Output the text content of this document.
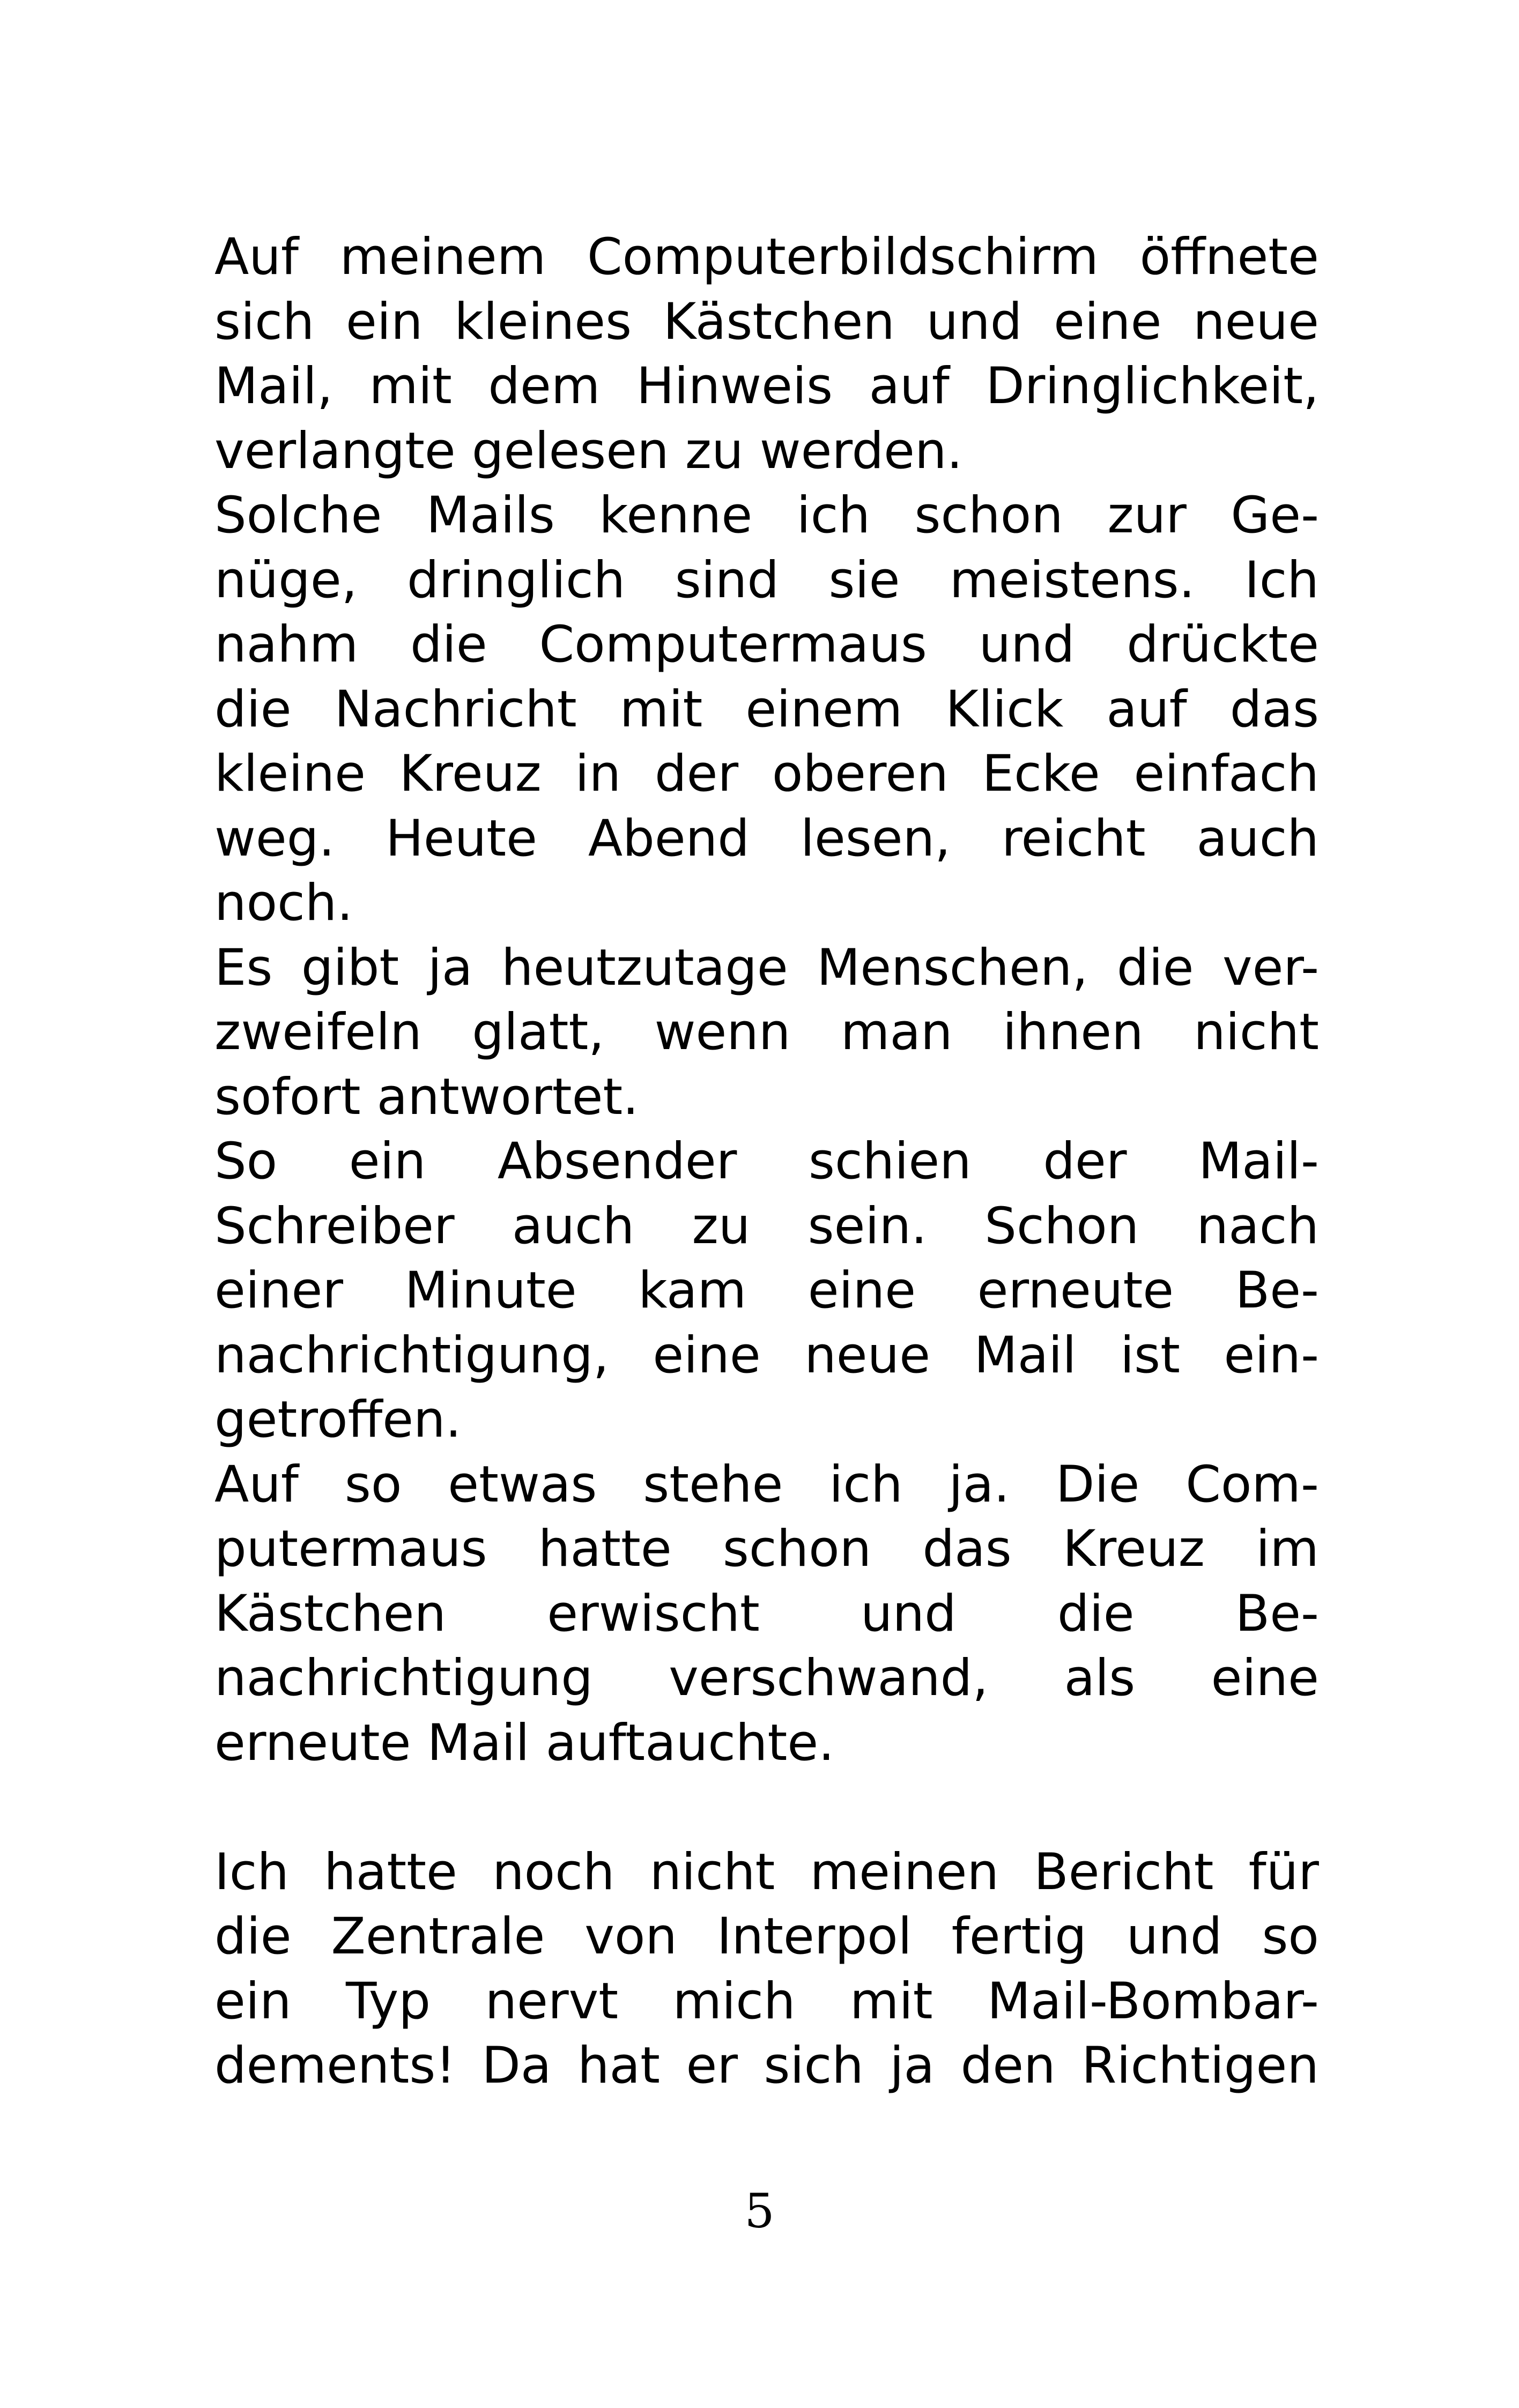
Auf meinem Computerbildschirm öffnete
sich ein kleines Kästchen und eine neue
Mail, mit dem Hinweis auf Dringlichkeit,
verlangte gelesen zu werden.
Solche Mails kenne ich schon zur Ge-
nüge, dringlich sind sie meistens. Ich
nahm die Computermaus und drückte
die Nachricht mit einem Klick auf das
kleine Kreuz in der oberen Ecke einfach
weg. Heute Abend lesen, reicht auch
noch.
Es gibt ja heutzutage Menschen, die ver-
zweifeln glatt, wenn man ihnen nicht
sofort antwortet.
So ein Absender schien der Mail-
Schreiber auch zu sein. Schon nach
einer Minute kam eine erneute Be-
nachrichtigung, eine neue Mail ist ein-
getroffen.
Auf so etwas stehe ich ja. Die Com-
putermaus hatte schon das Kreuz im
Kästchen erwischt und die Be-
nachrichtigung verschwand, als eine
erneute Mail auftauchte.
Ich hatte noch nicht meinen Bericht für
die Zentrale von Interpol fertig und so
ein Typ nervt mich mit Mail-Bombar-
dements! Da hat er sich ja den Richtigen
5
